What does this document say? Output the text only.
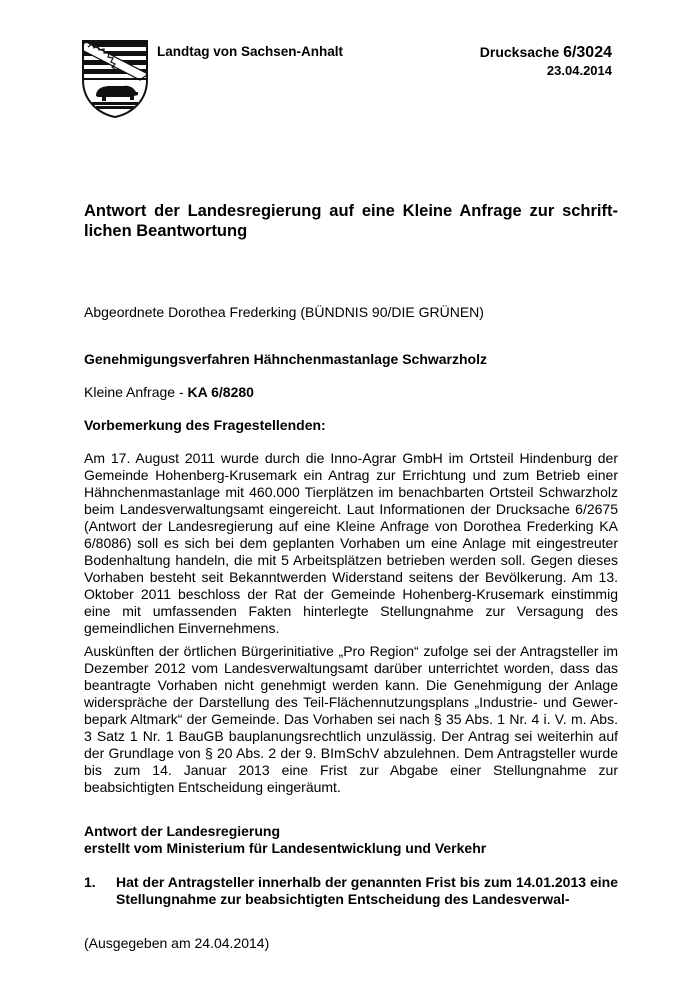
Landtag von Sachsen-Anhalt	Drucksache 6/3024
23.04.2014
Antwort der Landesregierung auf eine Kleine Anfrage zur schriftlichen Beantwortung
Abgeordnete Dorothea Frederking (BÜNDNIS 90/DIE GRÜNEN)
Genehmigungsverfahren Hähnchenmastanlage Schwarzholz
Kleine Anfrage - KA 6/8280
Vorbemerkung des Fragestellenden:
Am 17. August 2011 wurde durch die Inno-Agrar GmbH im Ortsteil Hindenburg der Gemeinde Hohenberg-Krusemark ein Antrag zur Errichtung und zum Betrieb einer Hähnchenmastanlage mit 460.000 Tierplätzen im benachbarten Ortsteil Schwarzholz beim Landesverwaltungsamt eingereicht. Laut Informationen der Drucksache 6/2675 (Antwort der Landesregierung auf eine Kleine Anfrage von Dorothea Frederking KA 6/8086) soll es sich bei dem geplanten Vorhaben um eine Anlage mit eingestreuter Bodenhaltung handeln, die mit 5 Arbeitsplätzen betrieben werden soll. Gegen dieses Vorhaben besteht seit Bekanntwerden Widerstand seitens der Bevölkerung. Am 13. Oktober 2011 beschloss der Rat der Gemeinde Hohenberg-Krusemark einstimmig eine mit umfassenden Fakten hinterlegte Stellungnahme zur Versagung des gemeindlichen Einvernehmens.
Auskünften der örtlichen Bürgerinitiative „Pro Region“ zufolge sei der Antragsteller im Dezember 2012 vom Landesverwaltungsamt darüber unterrichtet worden, dass das beantragte Vorhaben nicht genehmigt werden kann. Die Genehmigung der Anlage widerspräche der Darstellung des Teil-Flächennutzungsplans „Industrie- und Gewerbepark Altmark“ der Gemeinde. Das Vorhaben sei nach § 35 Abs. 1 Nr. 4 i. V. m. Abs. 3 Satz 1 Nr. 1 BauGB bauplanungsrechtlich unzulässig. Der Antrag sei weiterhin auf der Grundlage von § 20 Abs. 2 der 9. BImSchV abzulehnen. Dem Antragsteller wurde bis zum 14. Januar 2013 eine Frist zur Abgabe einer Stellungnahme zur beabsichtigten Entscheidung eingeräumt.
Antwort der Landesregierung
erstellt vom Ministerium für Landesentwicklung und Verkehr
1. Hat der Antragsteller innerhalb der genannten Frist bis zum 14.01.2013 eine Stellungnahme zur beabsichtigten Entscheidung des Landesverwal-
(Ausgegeben am 24.04.2014)
